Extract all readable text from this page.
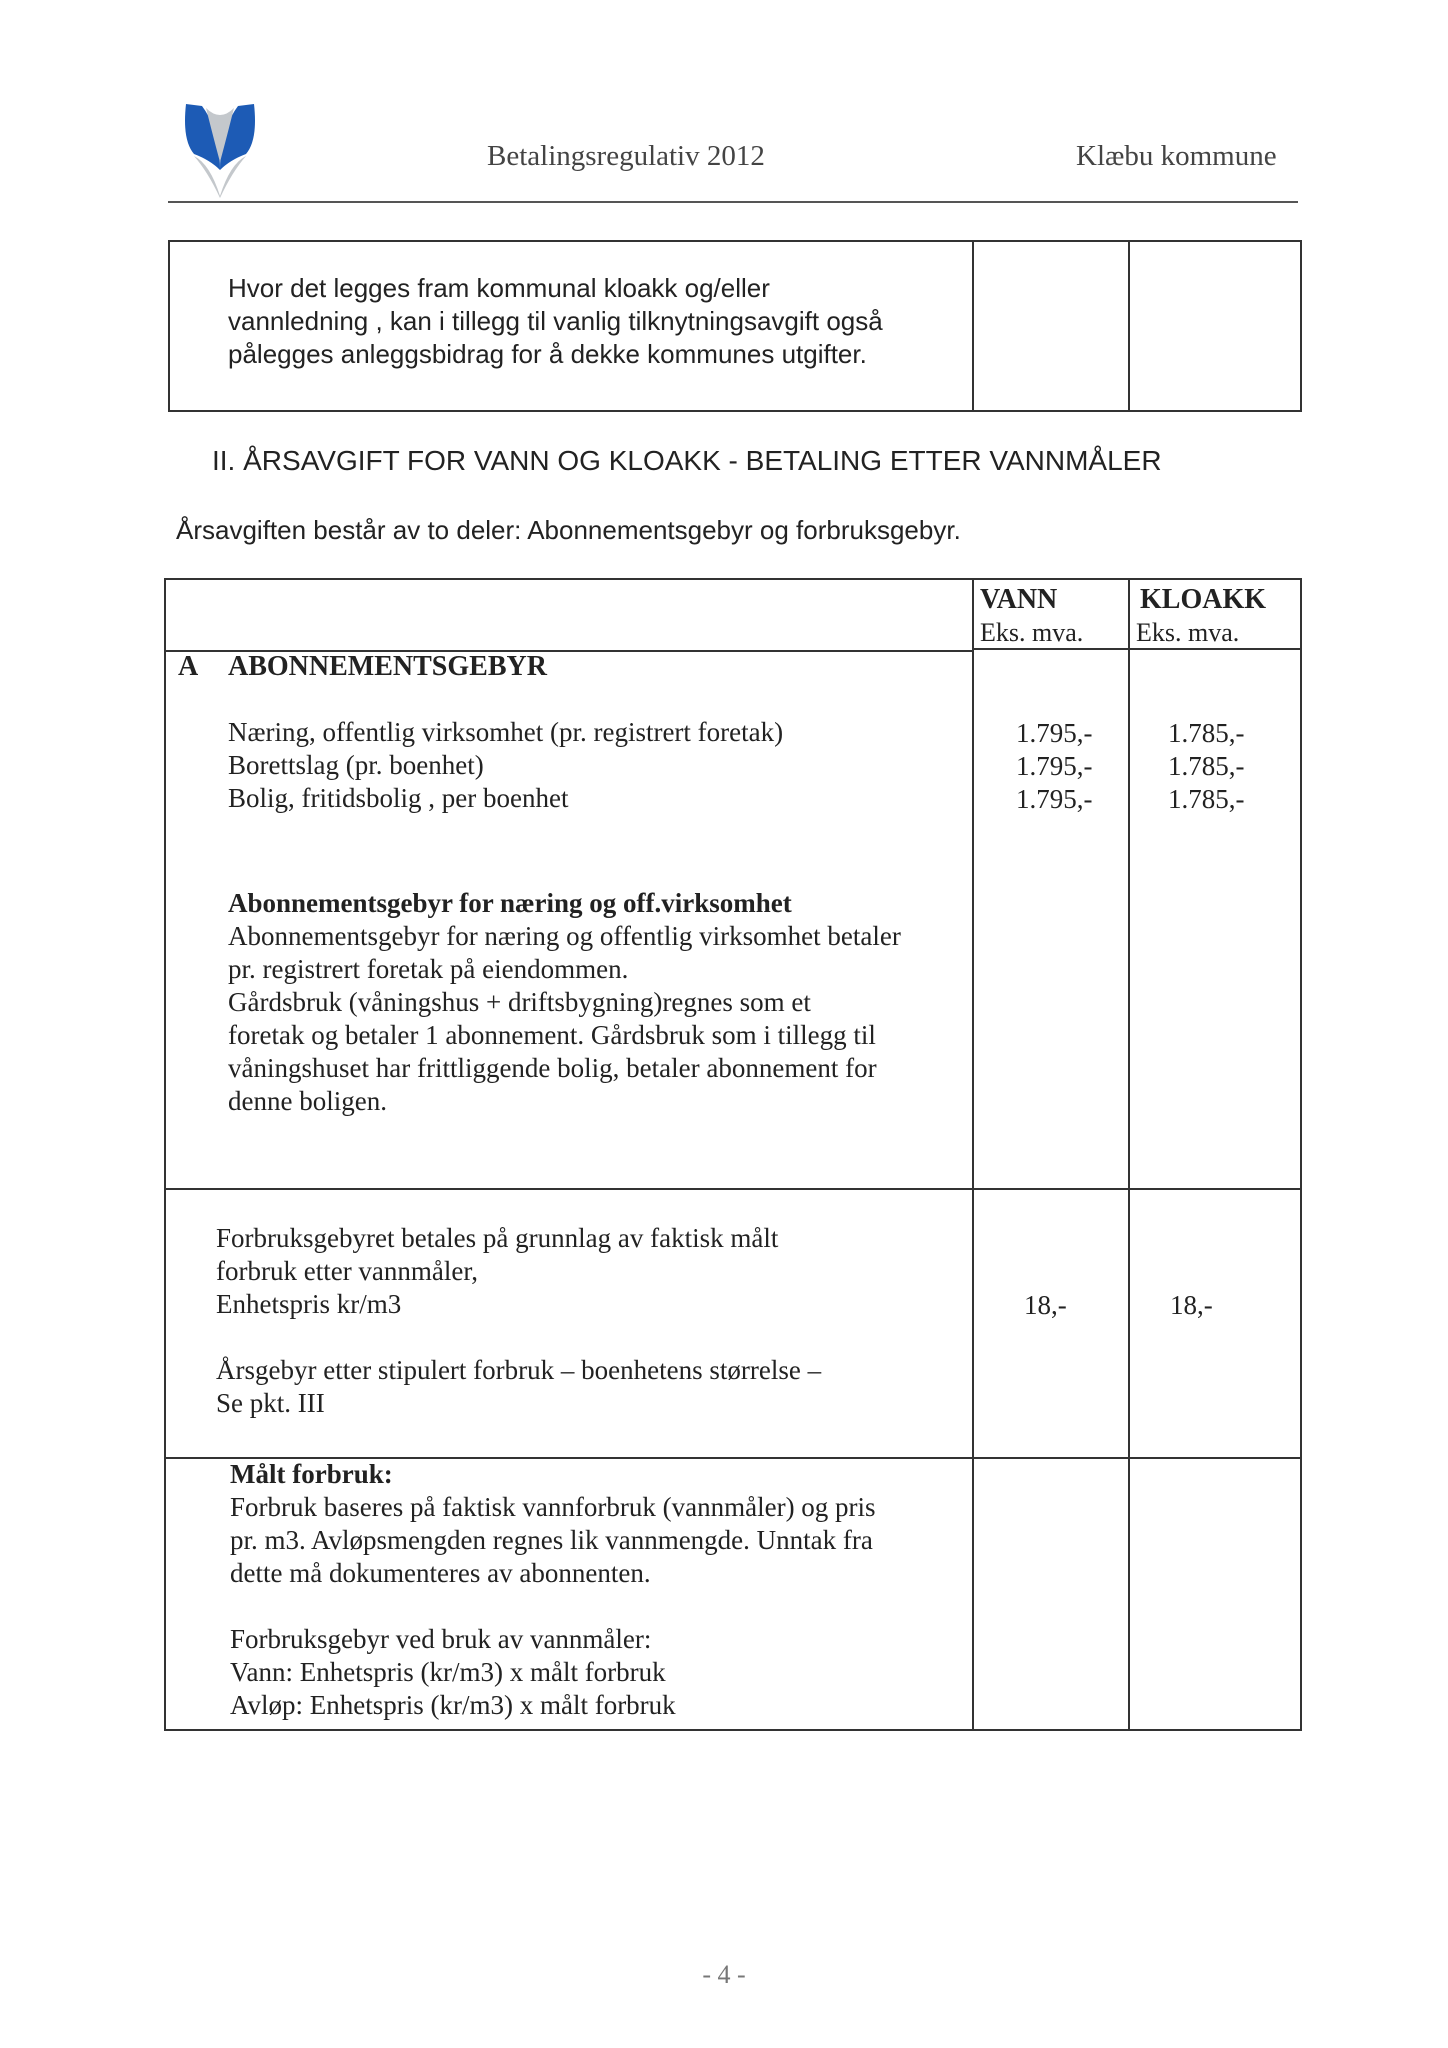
Betalingsregulativ 2012	Klæbu kommune
Hvor det legges fram kommunal kloakk og/eller
vannledning , kan i tillegg til vanlig tilknytningsavgift også
pålegges anleggsbidrag for å dekke kommunes utgifter.
II. ÅRSAVGIFT FOR VANN OG KLOAKK - BETALING ETTER VANNMÅLER
Årsavgiften består av to deler: Abonnementsgebyr og forbruksgebyr.
VANN	KLOAKK
Eks. mva. Eks. mva.
A ABONNEMENTSGEBYR
Næring, offentlig virksomhet (pr. registrert foretak)	1.795,-	1.785,-
Borettslag (pr. boenhet)	1.795,-	1.785,-
Bolig, fritidsbolig , per boenhet	1.795,-	1.785,-
Abonnementsgebyr for næring og off.virksomhet
Abonnementsgebyr for næring og offentlig virksomhet betaler
pr. registrert foretak på eiendommen.
Gårdsbruk (våningshus + driftsbygning)regnes som et
foretak og betaler 1 abonnement. Gårdsbruk som i tillegg til
våningshuset har frittliggende bolig, betaler abonnement for
denne boligen.
Forbruksgebyret betales på grunnlag av faktisk målt
forbruk etter vannmåler,
Enhetspris kr/m3	18,-	18,-
Årsgebyr etter stipulert forbruk – boenhetens størrelse –
Se pkt. III
Målt forbruk:
Forbruk baseres på faktisk vannforbruk (vannmåler) og pris
pr. m3. Avløpsmengden regnes lik vannmengde. Unntak fra
dette må dokumenteres av abonnenten.
Forbruksgebyr ved bruk av vannmåler:
Vann: Enhetspris (kr/m3) x målt forbruk
Avløp: Enhetspris (kr/m3) x målt forbruk
- 4 -
